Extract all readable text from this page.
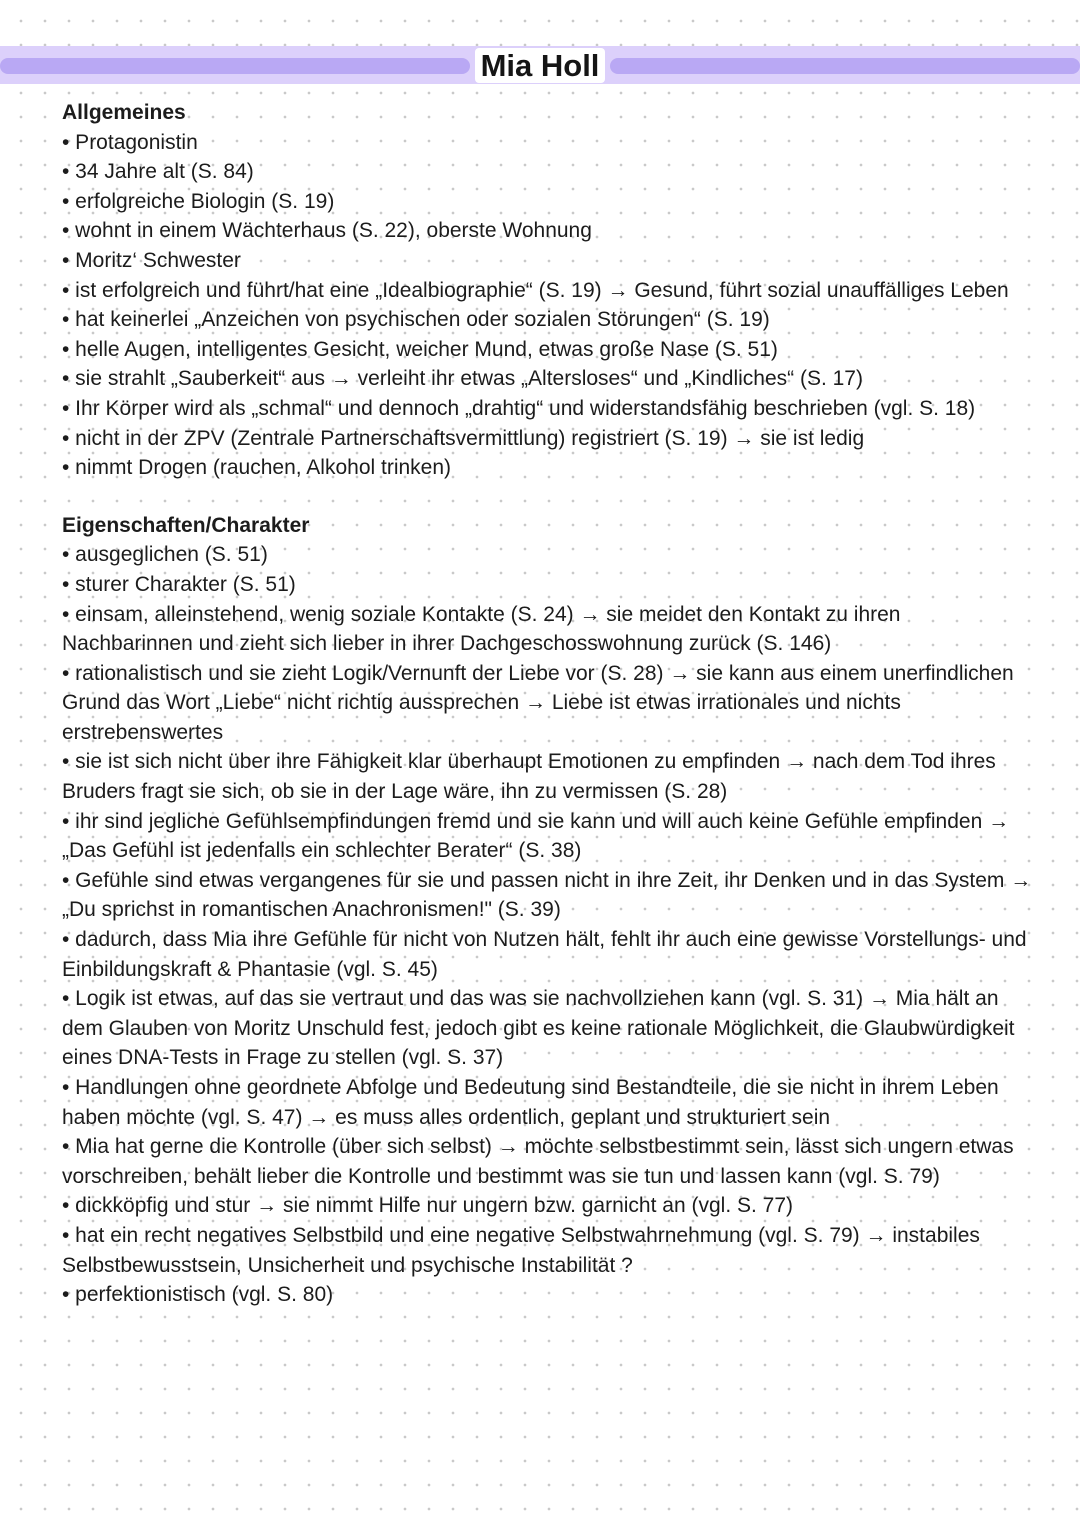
Mia Holl

Allgemeines

• Protagonistin

• 34 Jahre alt (S. 84)

• erfolgreiche Biologin (S. 19)

• wohnt in einem Wächterhaus (S. 22), oberste Wohnung

• Moritz‘ Schwester

• ist erfolgreich und führt/hat eine „Idealbiographie“ (S. 19) → Gesund, führt sozial unauffälliges Leben

• hat keinerlei „Anzeichen von psychischen oder sozialen Störungen“ (S. 19)

• helle Augen, intelligentes Gesicht, weicher Mund, etwas große Nase (S. 51)

• sie strahlt „Sauberkeit“ aus → verleiht ihr etwas „Altersloses“ und „Kindliches“ (S. 17)

• Ihr Körper wird als „schmal“ und dennoch „drahtig“ und widerstandsfähig beschrieben (vgl. S. 18)

• nicht in der ZPV (Zentrale Partnerschaftsvermittlung) registriert (S. 19) → sie ist ledig

• nimmt Drogen (rauchen, Alkohol trinken)

Eigenschaften/Charakter

• ausgeglichen (S. 51)

• sturer Charakter (S. 51)

• einsam, alleinstehend, wenig soziale Kontakte (S. 24) → sie meidet den Kontakt zu ihren Nachbarinnen und zieht sich lieber in ihrer Dachgeschosswohnung zurück (S. 146)

• rationalistisch und sie zieht Logik/Vernunft der Liebe vor (S. 28) → sie kann aus einem unerfindlichen Grund das Wort „Liebe“ nicht richtig aussprechen → Liebe ist etwas irrationales und nichts erstrebenswertes

• sie ist sich nicht über ihre Fähigkeit klar überhaupt Emotionen zu empfinden → nach dem Tod ihres Bruders fragt sie sich, ob sie in der Lage wäre, ihn zu vermissen (S. 28)

• ihr sind jegliche Gefühlsempfindungen fremd und sie kann und will auch keine Gefühle empfinden → „Das Gefühl ist jedenfalls ein schlechter Berater“ (S. 38)

• Gefühle sind etwas vergangenes für sie und passen nicht in ihre Zeit, ihr Denken und in das System → „Du sprichst in romantischen Anachronismen!" (S. 39)

• dadurch, dass Mia ihre Gefühle für nicht von Nutzen hält, fehlt ihr auch eine gewisse Vorstellungs- und Einbildungskraft & Phantasie (vgl. S. 45)

• Logik ist etwas, auf das sie vertraut und das was sie nachvollziehen kann (vgl. S. 31) → Mia hält an dem Glauben von Moritz Unschuld fest, jedoch gibt es keine rationale Möglichkeit, die Glaubwürdigkeit eines DNA-Tests in Frage zu stellen (vgl. S. 37)

• Handlungen ohne geordnete Abfolge und Bedeutung sind Bestandteile, die sie nicht in ihrem Leben haben möchte (vgl. S. 47) → es muss alles ordentlich, geplant und strukturiert sein

• Mia hat gerne die Kontrolle (über sich selbst) → möchte selbstbestimmt sein, lässt sich ungern etwas vorschreiben, behält lieber die Kontrolle und bestimmt was sie tun und lassen kann (vgl. S. 79)

• dickköpfig und stur → sie nimmt Hilfe nur ungern bzw. garnicht an (vgl. S. 77)

• hat ein recht negatives Selbstbild und eine negative Selbstwahrnehmung (vgl. S. 79) → instabiles Selbstbewusstsein, Unsicherheit und psychische Instabilität ?

• perfektionistisch (vgl. S. 80)
